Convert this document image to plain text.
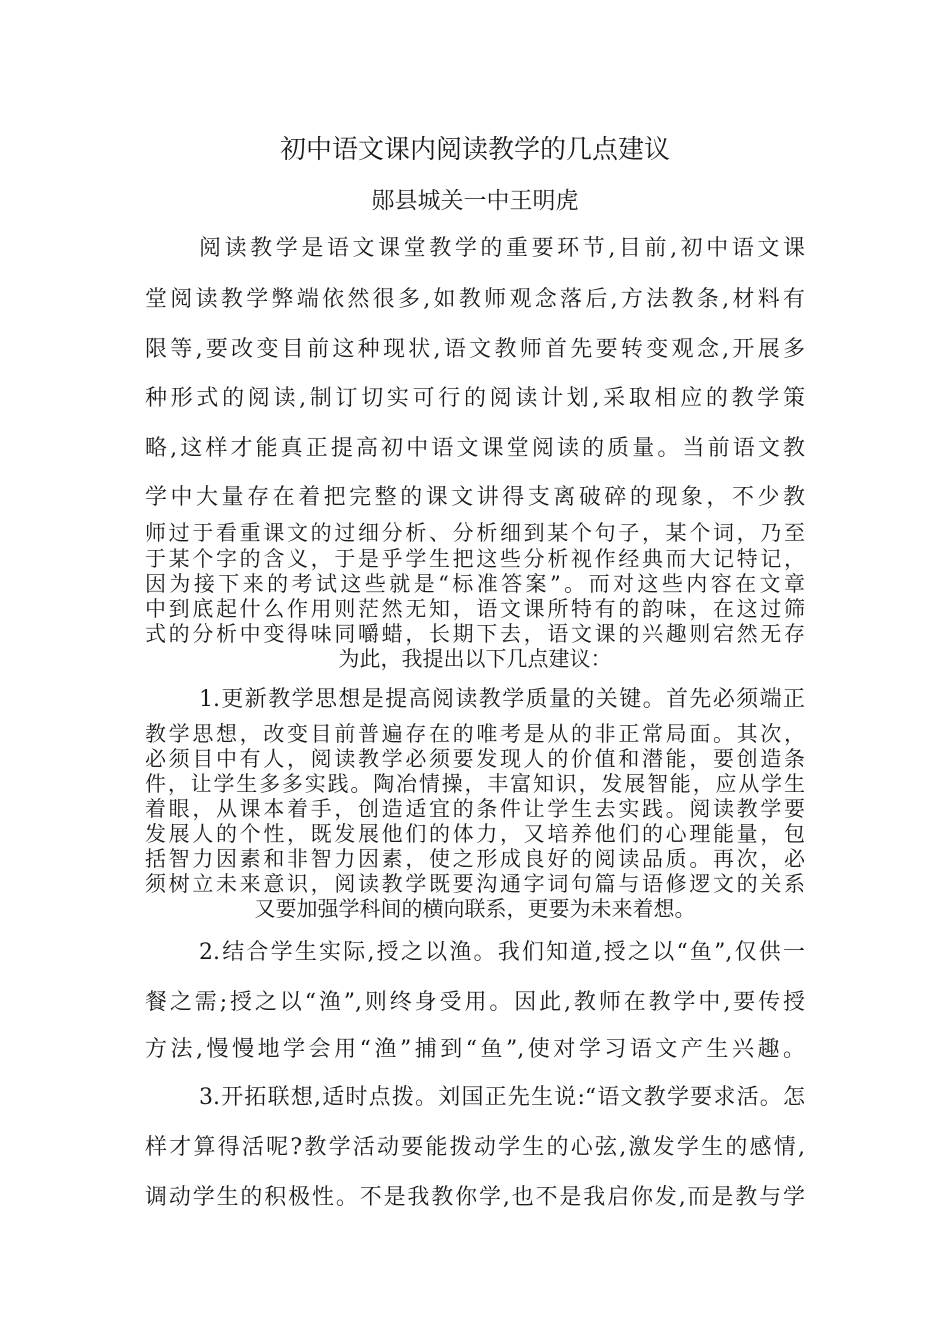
初中语文课内阅读教学的几点建议
郧县城关一中王明虎
阅读教学是语文课堂教学的重要环节,目前,初中语文课
堂阅读教学弊端依然很多,如教师观念落后,方法教条,材料有
限等,要改变目前这种现状,语文教师首先要转变观念,开展多
种形式的阅读,制订切实可行的阅读计划,采取相应的教学策
略,这样才能真正提高初中语文课堂阅读的质量。当前语文教
学中大量存在着把完整的课文讲得支离破碎的现象，不少教
师过于看重课文的过细分析、分析细到某个句子，某个词，乃至
于某个字的含义，于是乎学生把这些分析视作经典而大记特记，
因为接下来的考试这些就是“标准答案”。而对这些内容在文章
中到底起什么作用则茫然无知，语文课所特有的韵味，在这过筛
式的分析中变得味同嚼蜡，长期下去，语文课的兴趣则宕然无存
为此，我提出以下几点建议：
1.更新教学思想是提高阅读教学质量的关键。首先必须端正
教学思想，改变目前普遍存在的唯考是从的非正常局面。其次，
必须目中有人，阅读教学必须要发现人的价值和潜能，要创造条
件，让学生多多实践。陶冶情操，丰富知识，发展智能，应从学生
着眼，从课本着手，创造适宜的条件让学生去实践。阅读教学要
发展人的个性，既发展他们的体力，又培养他们的心理能量，包
括智力因素和非智力因素，使之形成良好的阅读品质。再次，必
须树立未来意识，阅读教学既要沟通字词句篇与语修逻文的关系
又要加强学科间的横向联系，更要为未来着想。
2.结合学生实际,授之以渔。我们知道,授之以“鱼”,仅供一
餐之需;授之以“渔”,则终身受用。因此,教师在教学中,要传授
方法,慢慢地学会用“渔”捕到“鱼”,使对学习语文产生兴趣。
3.开拓联想,适时点拨。刘国正先生说:“语文教学要求活。怎
样才算得活呢?教学活动要能拨动学生的心弦,激发学生的感情,
调动学生的积极性。不是我教你学,也不是我启你发,而是教与学
